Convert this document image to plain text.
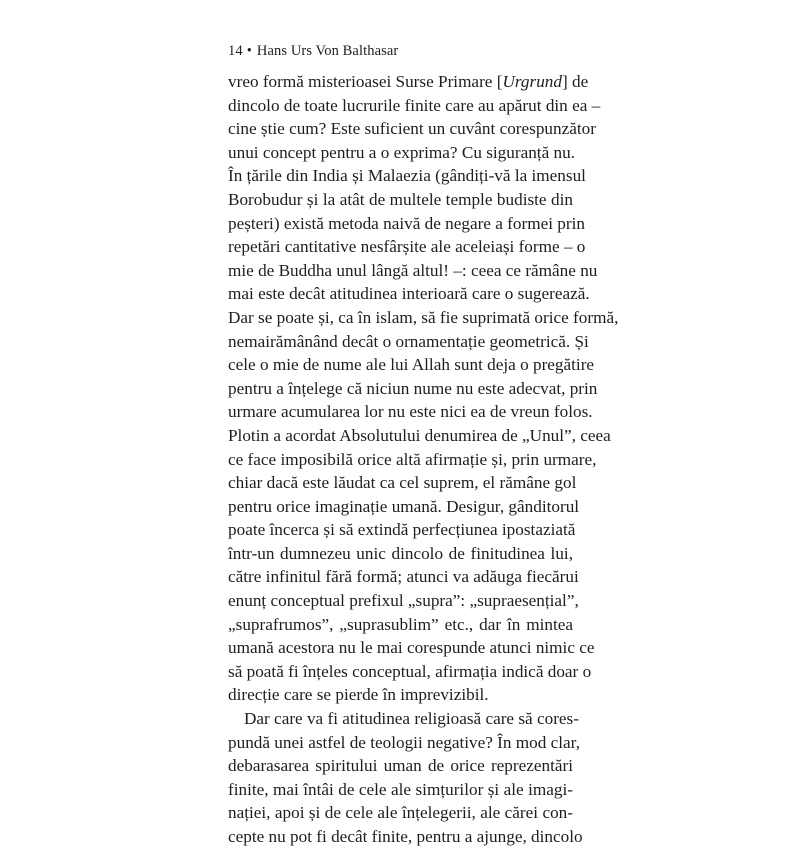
14 • Hans Urs Von Balthasar
vreo formă misterioasei Surse Primare [Urgrund] de
dincolo de toate lucrurile finite care au apărut din ea –
cine știe cum? Este suficient un cuvânt corespunzător
unui concept pentru a o exprima? Cu siguranță nu.
În țările din India și Malaezia (gândiți-vă la imensul
Borobudur și la atât de multele temple budiste din
peșteri) există metoda naivă de negare a formei prin
repetări cantitative nesfârșite ale aceleiași forme – o
mie de Buddha unul lângă altul! –: ceea ce rămâne nu
mai este decât atitudinea interioară care o sugerează.
Dar se poate și, ca în islam, să fie suprimată orice formă,
nemairămânând decât o ornamentație geometrică. Și
cele o mie de nume ale lui Allah sunt deja o pregătire
pentru a înțelege că niciun nume nu este adecvat, prin
urmare acumularea lor nu este nici ea de vreun folos.
Plotin a acordat Absolutului denumirea de „Unul”, ceea
ce face imposibilă orice altă afirmație și, prin urmare,
chiar dacă este lăudat ca cel suprem, el rămâne gol
pentru orice imaginație umană. Desigur, gânditorul
poate încerca și să extindă perfecțiunea ipostaziată
într-un dumnezeu unic dincolo de finitudinea lui,
către infinitul fără formă; atunci va adăuga fiecărui
enunț conceptual prefixul „supra”: „supraesențial”,
„suprafrumos”, „suprasublim” etc., dar în mintea
umană acestora nu le mai corespunde atunci nimic ce
să poată fi înțeles conceptual, afirmația indică doar o
direcție care se pierde în imprevizibil.
Dar care va fi atitudinea religioasă care să cores-
pundă unei astfel de teologii negative? În mod clar,
debarasarea spiritului uman de orice reprezentări
finite, mai întâi de cele ale simțurilor și ale imagi-
nației, apoi și de cele ale înțelegerii, ale cărei con-
cepte nu pot fi decât finite, pentru a ajunge, dincolo
